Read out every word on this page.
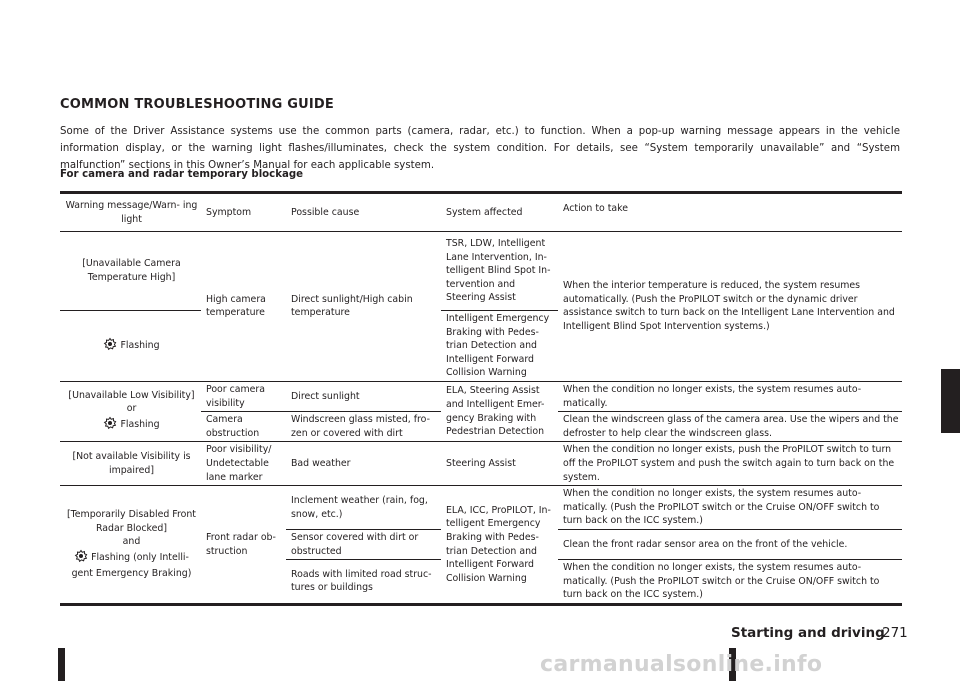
COMMON TROUBLESHOOTING GUIDE
Some of the Driver Assistance systems use the common parts (camera, radar, etc.) to function. When a pop-up warning message appears in the vehicle information display, or the warning light flashes/illuminates, check the system condition. For details, see “System temporarily unavailable” and “System malfunction” sections in this Owner’s Manual for each applicable system.
For camera and radar temporary blockage
Warning message/Warn- ing light	Symptom	Possible cause	System affected	Action to take

[Unavailable Camera Temperature High]	High camera temperature	Direct sunlight/High cabin temperature	TSR, LDW, Intelligent Lane Intervention, In- telligent Blind Spot In- tervention and Steering Assist	When the interior temperature is reduced, the system resumes automatically. (Push the ProPILOT switch or the dynamic driver assistance switch to turn back on the Intelligent Lane Intervention and Intelligent Blind Spot Intervention systems.)
Flashing			Intelligent Emergency Braking with Pedes- trian Detection and Intelligent Forward Collision Warning	

[Unavailable Low Visibility]
or
Flashing	Poor camera visibility	Direct sunlight	ELA, Steering Assist and Intelligent Emer- gency Braking with Pedestrian Detection	When the condition no longer exists, the system resumes auto- matically.
	Camera obstruction	Windscreen glass misted, fro- zen or covered with dirt		Clean the windscreen glass of the camera area. Use the wipers and the defroster to help clear the windscreen glass.
[Not available Visibility is impaired]	Poor visibility/ Undetectable lane marker	Bad weather	Steering Assist	When the condition no longer exists, push the ProPILOT switch to turn off the ProPILOT system and push the switch again to turn back on the system.

[Temporarily Disabled Front Radar Blocked]
and
Flashing (only Intelli- gent Emergency Braking)	Front radar ob- struction	Inclement weather (rain, fog, snow, etc.)	ELA, ICC, ProPILOT, In- telligent Emergency Braking with Pedes- trian Detection and Intelligent Forward Collision Warning	When the condition no longer exists, the system resumes auto- matically. (Push the ProPILOT switch or the Cruise ON/OFF switch to turn back on the ICC system.)
		Sensor covered with dirt or obstructed		Clean the front radar sensor area on the front of the vehicle.
		Roads with limited road struc- tures or buildings		When the condition no longer exists, the system resumes auto- matically. (Push the ProPILOT switch or the Cruise ON/OFF switch to turn back on the ICC system.)
Starting and driving
271
carmanualsonline.info
